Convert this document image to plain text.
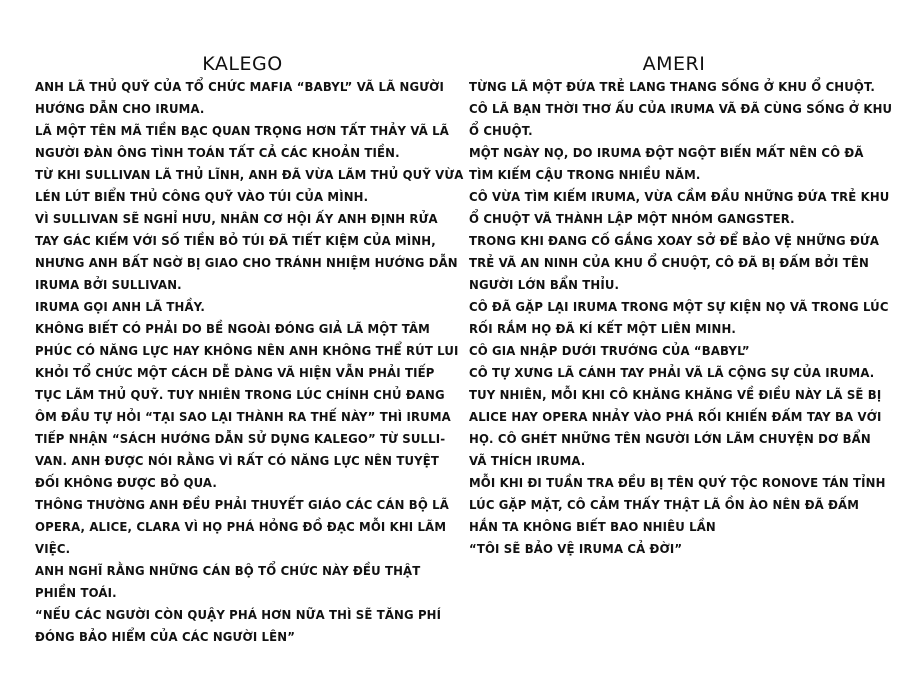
KALEGO
ANH LÃ THỦ QUỸ CỦA TỔ CHỨC MAFIA “BABYL” VÃ LÃ NGƯỜI
HƯỚNG DẪN CHO IRUMA.
LÃ MỘT TÊN MÃ TIỀN BẠC QUAN TRỌNG HƠN TẤT THẢY VÃ LÃ
NGƯỜI ĐÀN ÔNG TÌNH TOÁN TẤT CẢ CÁC KHOẢN TIỀN.
TỪ KHI SULLIVAN LÃ THỦ LĨNH, ANH ĐÃ VỪA LÃM THỦ QUỸ VỪA
LÉN LÚT BIỂN THỦ CÔNG QUỸ VÀO TÚI CỦA MÌNH.
VÌ SULLIVAN SẼ NGHỈ HƯU, NHÂN CƠ HỘI ẤY ANH ĐỊNH RỬA
TAY GÁC KIẾM VỚI SỐ TIỀN BỎ TÚI ĐÃ TIẾT KIỆM CỦA MÌNH,
NHƯNG ANH BẤT NGỜ BỊ GIAO CHO TRÁNH NHIỆM HƯỚNG DẪN
IRUMA BỞI SULLIVAN.
IRUMA GỌI ANH LÃ THẦY.
KHÔNG BIẾT CÓ PHẢI DO BỀ NGOÀI ĐÓNG GIẢ LÃ MỘT TÂM
PHÚC CÓ NĂNG LỰC HAY KHÔNG NÊN ANH KHÔNG THỂ RÚT LUI
KHỎI TỔ CHỨC MỘT CÁCH DỄ DÀNG VÃ HIỆN VẪN PHẢI TIẾP
TỤC LÃM THỦ QUỸ. TUY NHIÊN TRONG LÚC CHÍNH CHỦ ĐANG
ÔM ĐẦU TỰ HỎI “TẠI SAO LẠI THÀNH RA THẾ NÀY” THÌ IRUMA
TIẾP NHẬN “SÁCH HƯỚNG DẪN SỬ DỤNG KALEGO” TỪ SULLI-
VAN. ANH ĐƯỢC NÓI RẰNG VÌ RẤT CÓ NĂNG LỰC NÊN TUYỆT
ĐỐI KHÔNG ĐƯỢC BỎ QUA.
THÔNG THƯỜNG ANH ĐỀU PHẢI THUYẾT GIÁO CÁC CÁN BỘ LÃ
OPERA, ALICE, CLARA VÌ HỌ PHÁ HỎNG ĐỒ ĐẠC MỖI KHI LÃM
VIỆC.
ANH NGHĨ RẰNG NHỮNG CÁN BỘ TỔ CHỨC NÀY ĐỀU THẬT
PHIỀN TOÁI.
“NẾU CÁC NGƯỜI CÒN QUẬY PHÁ HƠN NỮA THÌ SẼ TĂNG PHÍ
ĐÓNG BẢO HIỂM CỦA CÁC NGƯỜI LÊN”
AMERI
TỪNG LÃ MỘT ĐỨA TRẺ LANG THANG SỐNG Ở KHU Ổ CHUỘT.
CÔ LÃ BẠN THỜI THƠ ẤU CỦA IRUMA VÃ ĐÃ CÙNG SỐNG Ở KHU
Ổ CHUỘT.
MỘT NGÀY NỌ, DO IRUMA ĐỘT NGỘT BIẾN MẤT NÊN CÔ ĐÃ
TÌM KIẾM CẬU TRONG NHIỀU NĂM.
CÔ VỪA TÌM KIẾM IRUMA, VỪA CẦM ĐẦU NHỮNG ĐỨA TRẺ KHU
Ổ CHUỘT VÃ THÀNH LẬP MỘT NHÓM GANGSTER.
TRONG KHI ĐANG CỐ GẮNG XOAY SỞ ĐỂ BẢO VỆ NHỮNG ĐỨA
TRẺ VÃ AN NINH CỦA KHU Ổ CHUỘT, CÔ ĐÃ BỊ ĐẤM BỞI TÊN
NGƯỜI LỚN BẨN THỈU.
CÔ ĐÃ GẶP LẠI IRUMA TRONG MỘT SỰ KIỆN NỌ VÃ TRONG LÚC
RỐI RẮM HỌ ĐÃ KÍ KẾT MỘT LIÊN MINH.
CÔ GIA NHẬP DƯỚI TRƯỚNG CỦA “BABYL”
CÔ TỰ XƯNG LÃ CÁNH TAY PHẢI VÃ LÃ CỘNG SỰ CỦA IRUMA.
TUY NHIÊN, MỖI KHI CÔ KHĂNG KHĂNG VỀ ĐIỀU NÀY LÃ SẼ BỊ
ALICE HAY OPERA NHẢY VÀO PHÁ RỐI KHIẾN ĐẤM TAY BA VỚI
HỌ. CÔ GHÉT NHỮNG TÊN NGƯỜI LỚN LÃM CHUYỆN DƠ BẨN
VÃ THÍCH IRUMA.
MỖI KHI ĐI TUẦN TRA ĐỀU BỊ TÊN QUÝ TỘC RONOVE TÁN TỈNH
LÚC GẶP MẶT, CÔ CẢM THẤY THẬT LÃ ỒN ÀO NÊN ĐÃ ĐẤM
HẮN TA KHÔNG BIẾT BAO NHIÊU LẦN
“TÔI SẼ BẢO VỆ IRUMA CẢ ĐỜI”
